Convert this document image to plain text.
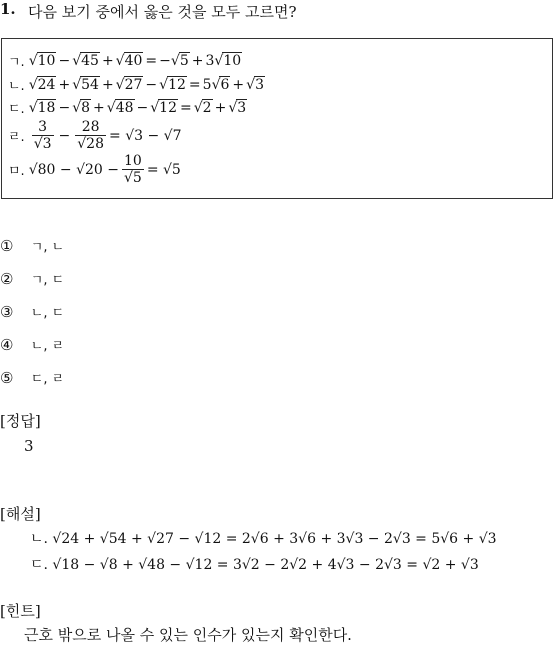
1. 다음 보기 중에서 옳은 것을 모두 고르면?
ㄱ. √10 − √45 + √40 = − √5 + 3 √10
ㄴ. √24 + √54 + √27 − √12 = 5 √6 + √3
ㄷ. √18 − √8 + √48 − √12 = √2 + √3
ㄹ. $\frac{3}{√3} - \frac{28}{√28} = √3 - √7$
ㅁ. $√80 - √20 - \frac{10}{√5} = √5$
① ㄱ, ㄴ
② ㄱ, ㄷ
③ ㄴ, ㄷ
④ ㄴ, ㄹ
⑤ ㄷ, ㄹ
[정답]
3
[해설]
ㄴ. √24 + √54 + √27 − √12 = 2√6 + 3√6 + 3√3 − 2√3 = 5√6 + √3
ㄷ. √18 − √8 + √48 − √12 = 3√2 − 2√2 + 4√3 − 2√3 = √2 + √3
[힌트]
근호 밖으로 나올 수 있는 인수가 있는지 확인한다.
